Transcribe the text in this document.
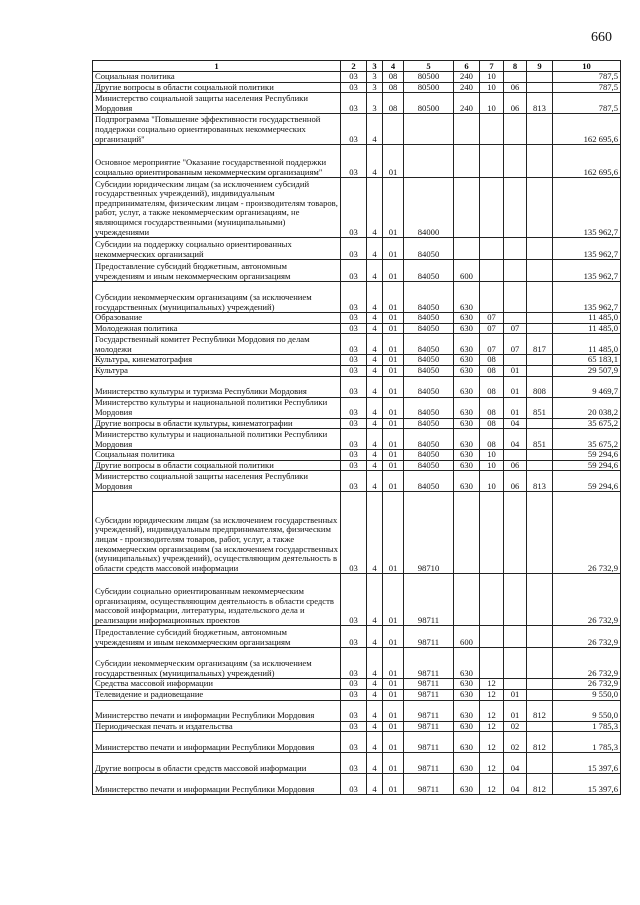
660
1	2	3	4	5	6	7	8	9	10
Социальная политика	03	3	08	80500	240	10			787,5
Другие вопросы в области социальной политики	03	3	08	80500	240	10	06		787,5
Министерство социальной защиты населения Республики Мордовия	03	3	08	80500	240	10	06	813	787,5
Подпрограмма "Повышение эффективности государственной поддержки социально ориентированных некоммерческих организаций"	03	4							162 695,6
Основное мероприятие "Оказание государственной поддержки социально ориентированным некоммерческим организациям"	03	4	01						162 695,6
Субсидии юридическим лицам (за исключением субсидий государственных учреждений), индивидуальным предпринимателям, физическим лицам - производителям товаров, работ, услуг, а также некоммерческим организациям, не являющимся государственными (муниципальными) учреждениями	03	4	01	84000					135 962,7
Субсидии на поддержку социально ориентированных некоммерческих организаций	03	4	01	84050					135 962,7
Предоставление субсидий бюджетным, автономным учреждениям и иным некоммерческим организациям	03	4	01	84050	600				135 962,7
Субсидии некоммерческим организациям (за исключением государственных (муниципальных) учреждений)	03	4	01	84050	630				135 962,7
Образование	03	4	01	84050	630	07			11 485,0
Молодежная политика	03	4	01	84050	630	07	07		11 485,0
Государственный комитет Республики Мордовия по делам молодежи	03	4	01	84050	630	07	07	817	11 485,0
Культура, кинематография	03	4	01	84050	630	08			65 183,1
Культура	03	4	01	84050	630	08	01		29 507,9
Министерство культуры и туризма Республики Мордовия	03	4	01	84050	630	08	01	808	9 469,7
Министерство культуры и национальной политики Республики Мордовия	03	4	01	84050	630	08	01	851	20 038,2
Другие вопросы в области культуры, кинематографии	03	4	01	84050	630	08	04		35 675,2
Министерство культуры и национальной политики Республики Мордовия	03	4	01	84050	630	08	04	851	35 675,2
Социальная политика	03	4	01	84050	630	10			59 294,6
Другие вопросы в области социальной политики	03	4	01	84050	630	10	06		59 294,6
Министерство социальной защиты населения Республики Мордовия	03	4	01	84050	630	10	06	813	59 294,6
Субсидии юридическим лицам (за исключением государственных учреждений), индивидуальным предпринимателям, физическим лицам - производителям товаров, работ, услуг, а также некоммерческим организациям (за исключением государственных (муниципальных) учреждений), осуществляющим деятельность в области средств массовой информации	03	4	01	98710					26 732,9
Субсидии социально ориентированным некоммерческим организациям, осуществляющим деятельность в области средств массовой информации, литературы, издательского дела и реализации информационных проектов	03	4	01	98711					26 732,9
Предоставление субсидий бюджетным, автономным учреждениям и иным некоммерческим организациям	03	4	01	98711	600				26 732,9
Субсидии некоммерческим организациям (за исключением государственных (муниципальных) учреждений)	03	4	01	98711	630				26 732,9
Средства массовой информации	03	4	01	98711	630	12			26 732,9
Телевидение и радиовещание	03	4	01	98711	630	12	01		9 550,0
Министерство печати и информации Республики Мордовия	03	4	01	98711	630	12	01	812	9 550,0
Периодическая печать и издательства	03	4	01	98711	630	12	02		1 785,3
Министерство печати и информации Республики Мордовия	03	4	01	98711	630	12	02	812	1 785,3
Другие вопросы в области средств массовой информации	03	4	01	98711	630	12	04		15 397,6
Министерство печати и информации Республики Мордовия	03	4	01	98711	630	12	04	812	15 397,6
